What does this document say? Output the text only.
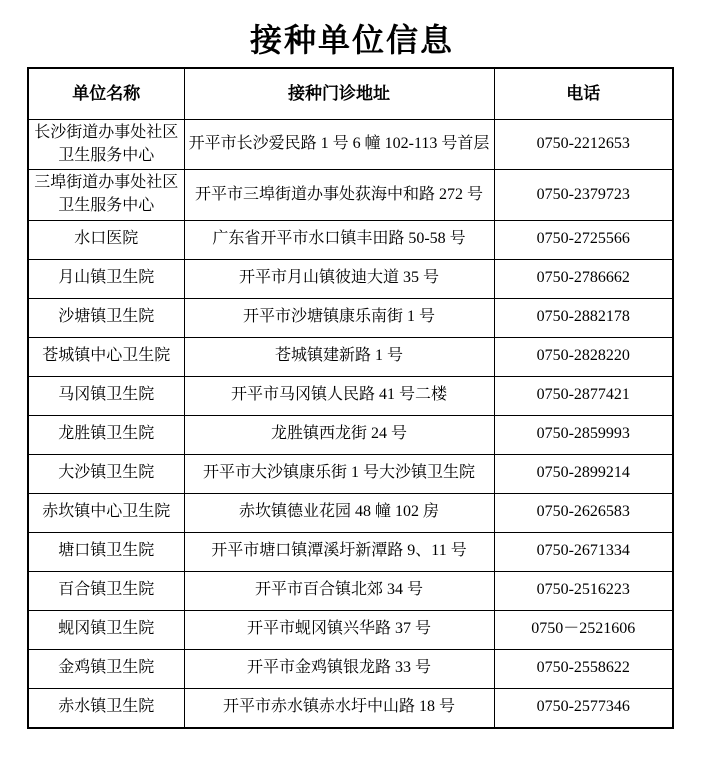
接种单位信息
单位名称	接种门诊地址	电话
长沙街道办事处社区卫生服务中心	开平市长沙爱民路 1 号 6 幢 102-113 号首层	0750-2212653
三埠街道办事处社区卫生服务中心	开平市三埠街道办事处荻海中和路 272 号	0750-2379723
水口医院	广东省开平市水口镇丰田路 50-58 号	0750-2725566
月山镇卫生院	开平市月山镇彼迪大道 35 号	0750-2786662
沙塘镇卫生院	开平市沙塘镇康乐南街 1 号	0750-2882178
苍城镇中心卫生院	苍城镇建新路 1 号	0750-2828220
马冈镇卫生院	开平市马冈镇人民路 41 号二楼	0750-2877421
龙胜镇卫生院	龙胜镇西龙街 24 号	0750-2859993
大沙镇卫生院	开平市大沙镇康乐街 1 号大沙镇卫生院	0750-2899214
赤坎镇中心卫生院	赤坎镇德业花园 48 幢 102 房	0750-2626583
塘口镇卫生院	开平市塘口镇潭溪圩新潭路 9、11 号	0750-2671334
百合镇卫生院	开平市百合镇北郊 34 号	0750-2516223
蚬冈镇卫生院	开平市蚬冈镇兴华路 37 号	0750－2521606
金鸡镇卫生院	开平市金鸡镇银龙路 33 号	0750-2558622
赤水镇卫生院	开平市赤水镇赤水圩中山路 18 号	0750-2577346
